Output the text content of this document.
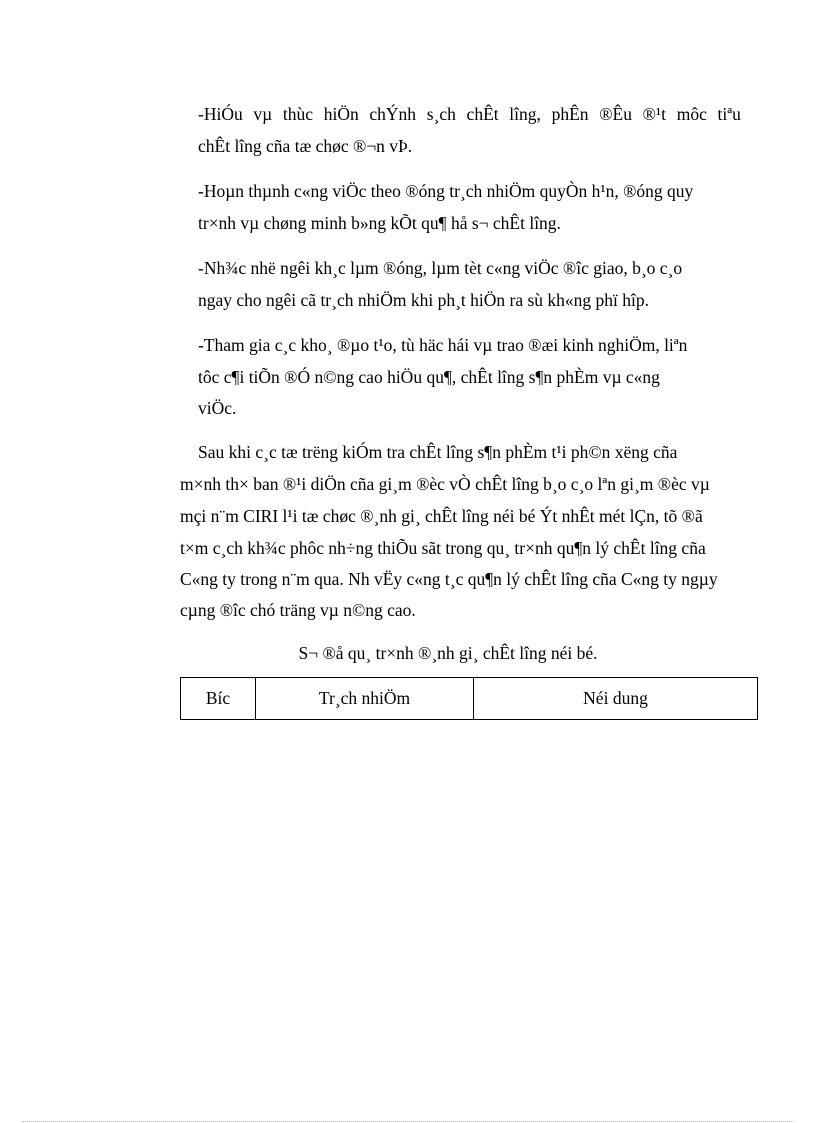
-HiÓu vµ thùc hiÖn chÝnh s¸ch chÊt lîng, phÊn ®Êu ®¹t môc tiªu
chÊt lîng cña tæ chøc ®¬n vÞ.
-Hoµn thµnh c«ng viÖc theo ®óng tr¸ch nhiÖm quyÒn h¹n, ®óng quy
tr×nh vµ chøng minh b»ng kÕt qu¶ hå s¬ chÊt lîng.
-Nh¾c nhë ngêi kh¸c lµm ®óng, lµm tèt c«ng viÖc ®îc giao, b¸o c¸o
ngay cho ngêi cã tr¸ch nhiÖm khi ph¸t hiÖn ra sù kh«ng phï hîp.
-Tham gia c¸c kho¸ ®µo t¹o, tù häc hái vµ trao ®æi kinh nghiÖm, liªn
tôc c¶i tiÕn ®Ó n©ng cao hiÖu qu¶, chÊt lîng s¶n phÈm vµ c«ng
viÖc.
Sau khi c¸c tæ trëng kiÓm tra chÊt lîng s¶n phÈm t¹i ph©n xëng cña
m×nh th× ban ®¹i diÖn cña gi¸m ®èc vÒ chÊt lîng b¸o c¸o lªn gi¸m ®èc vµ
mçi n¨m CIRI l¹i tæ chøc ®¸nh gi¸ chÊt lîng néi bé Ýt nhÊt mét lÇn, tõ ®ã
t×m c¸ch kh¾c phôc nh÷ng thiÕu sãt trong qu¸ tr×nh qu¶n lý chÊt lîng cña
C«ng ty trong n¨m qua. Nh vËy c«ng t¸c qu¶n lý chÊt lîng cña C«ng ty ngµy
cµng ®îc chó träng vµ n©ng cao.
S¬ ®å qu¸ tr×nh ®¸nh gi¸ chÊt lîng néi bé.
Bíc	Tr¸ch nhiÖm	Néi dung
